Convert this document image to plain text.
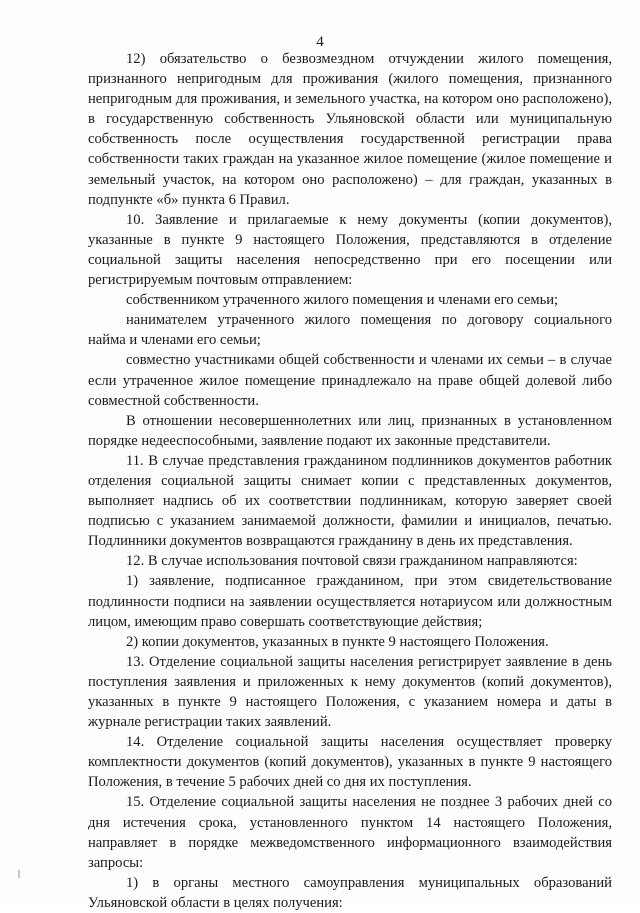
4

12) обязательство о безвозмездном отчуждении жилого помещения, признанного непригодным для проживания (жилого помещения, признанного непригодным для проживания, и земельного участка, на котором оно расположено), в государственную собственность Ульяновской области или муниципальную собственность после осуществления государственной регистрации права собственности таких граждан на указанное жилое помещение (жилое помещение и земельный участок, на котором оно расположено) – для граждан, указанных в подпункте «б» пункта 6 Правил.

10. Заявление и прилагаемые к нему документы (копии документов), указанные в пункте 9 настоящего Положения, представляются в отделение социальной защиты населения непосредственно при его посещении или регистрируемым почтовым отправлением:

собственником утраченного жилого помещения и членами его семьи;

нанимателем утраченного жилого помещения по договору социального найма и членами его семьи;

совместно участниками общей собственности и членами их семьи – в случае если утраченное жилое помещение принадлежало на праве общей долевой либо совместной собственности.

В отношении несовершеннолетних или лиц, признанных в установленном порядке недееспособными, заявление подают их законные представители.

11. В случае представления гражданином подлинников документов работник отделения социальной защиты снимает копии с представленных документов, выполняет надпись об их соответствии подлинникам, которую заверяет своей подписью с указанием занимаемой должности, фамилии и инициалов, печатью. Подлинники документов возвращаются гражданину в день их представления.

12. В случае использования почтовой связи гражданином направляются:

1) заявление, подписанное гражданином, при этом свидетельствование подлинности подписи на заявлении осуществляется нотариусом или должностным лицом, имеющим право совершать соответствующие действия;

2) копии документов, указанных в пункте 9 настоящего Положения.

13. Отделение социальной защиты населения регистрирует заявление в день поступления заявления и приложенных к нему документов (копий документов), указанных в пункте 9 настоящего Положения, с указанием номера и даты в журнале регистрации таких заявлений.

14. Отделение социальной защиты населения осуществляет проверку комплектности документов (копий документов), указанных в пункте 9 настоящего Положения, в течение 5 рабочих дней со дня их поступления.

15. Отделение социальной защиты населения не позднее 3 рабочих дней со дня истечения срока, установленного пунктом 14 настоящего Положения, направляет в порядке межведомственного информационного взаимодействия запросы:

1) в органы местного самоуправления муниципальных образований Ульяновской области в целях получения:
